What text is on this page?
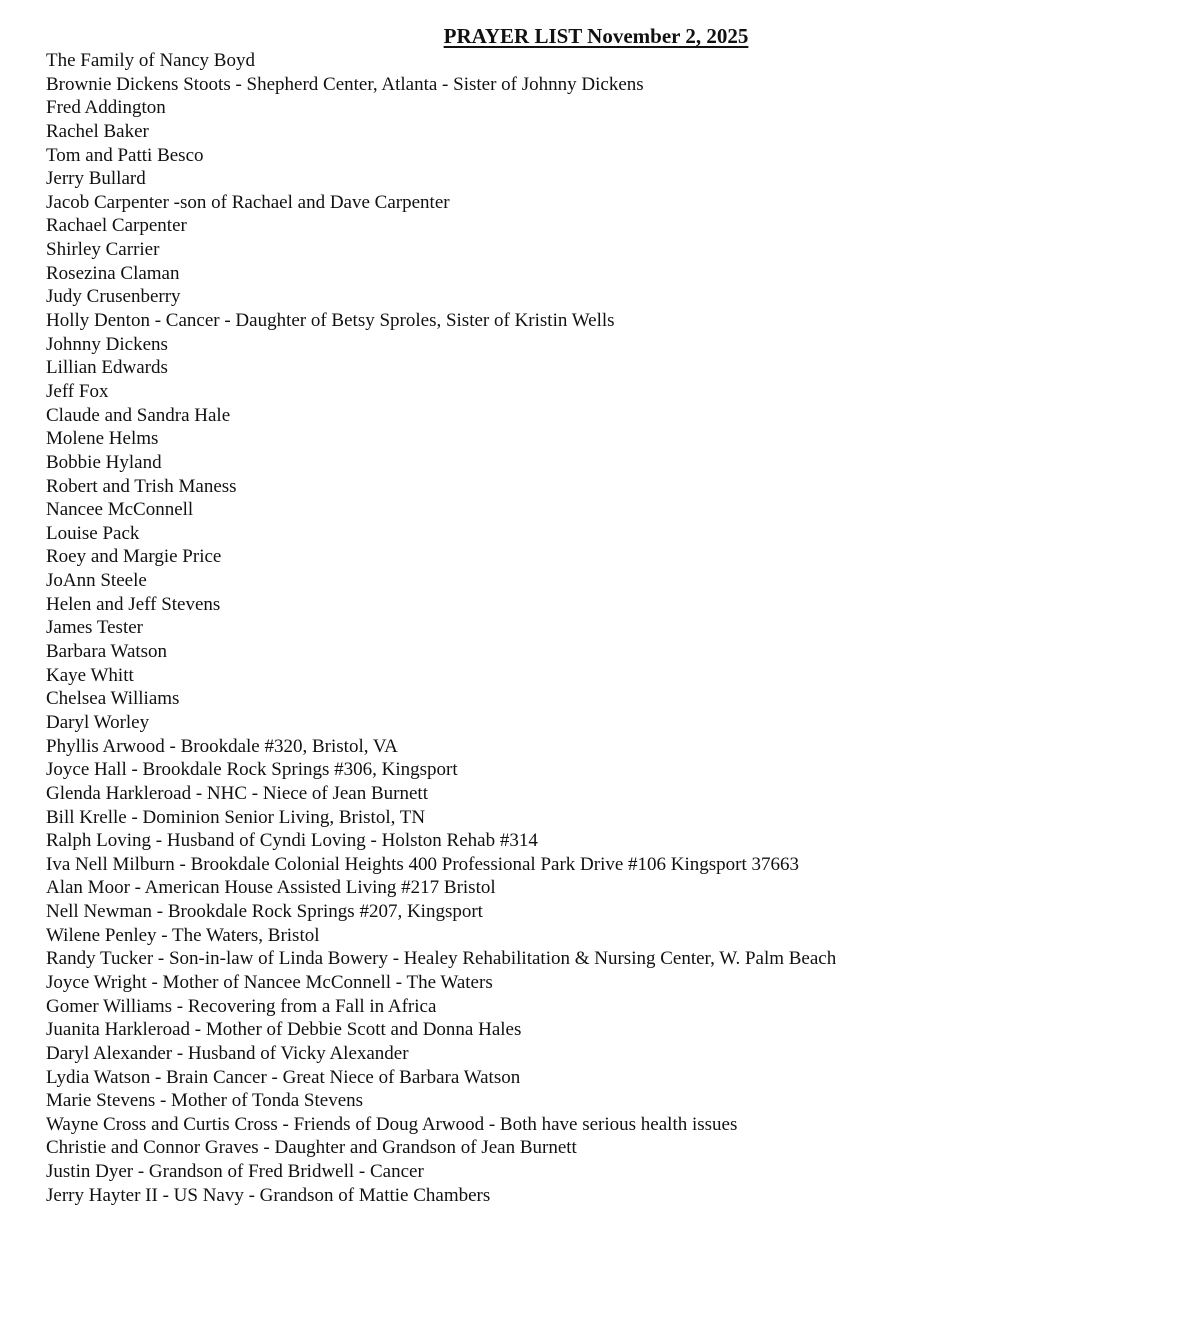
PRAYER LIST November 2, 2025
The Family of Nancy Boyd
Brownie Dickens Stoots - Shepherd Center, Atlanta - Sister of Johnny Dickens
Fred Addington
Rachel Baker
Tom and Patti Besco
Jerry Bullard
Jacob Carpenter -son of Rachael and Dave Carpenter
Rachael Carpenter
Shirley Carrier
Rosezina Claman
Judy Crusenberry
Holly Denton - Cancer - Daughter of Betsy Sproles, Sister of Kristin Wells
Johnny Dickens
Lillian Edwards
Jeff Fox
Claude and Sandra Hale
Molene Helms
Bobbie Hyland
Robert and Trish Maness
Nancee McConnell
Louise Pack
Roey and Margie Price
JoAnn Steele
Helen and Jeff Stevens
James Tester
Barbara Watson
Kaye Whitt
Chelsea Williams
Daryl Worley
Phyllis Arwood - Brookdale #320, Bristol, VA
Joyce Hall - Brookdale Rock Springs #306, Kingsport
Glenda Harkleroad - NHC - Niece of Jean Burnett
Bill Krelle - Dominion Senior Living, Bristol, TN
Ralph Loving - Husband of Cyndi Loving - Holston Rehab #314
Iva Nell Milburn - Brookdale Colonial Heights 400 Professional Park Drive #106 Kingsport 37663
Alan Moor - American House Assisted Living #217 Bristol
Nell Newman - Brookdale Rock Springs #207, Kingsport
Wilene Penley - The Waters, Bristol
Randy Tucker - Son-in-law of Linda Bowery - Healey Rehabilitation & Nursing Center, W. Palm Beach
Joyce Wright - Mother of Nancee McConnell - The Waters
Gomer Williams - Recovering from a Fall in Africa
Juanita Harkleroad - Mother of Debbie Scott and Donna Hales
Daryl Alexander - Husband of Vicky Alexander
Lydia Watson - Brain Cancer - Great Niece of Barbara Watson
Marie Stevens - Mother of Tonda Stevens
Wayne Cross and Curtis Cross - Friends of Doug Arwood - Both have serious health issues
Christie and Connor Graves - Daughter and Grandson of Jean Burnett
Justin Dyer - Grandson of Fred Bridwell - Cancer
Jerry Hayter II - US Navy - Grandson of Mattie Chambers
